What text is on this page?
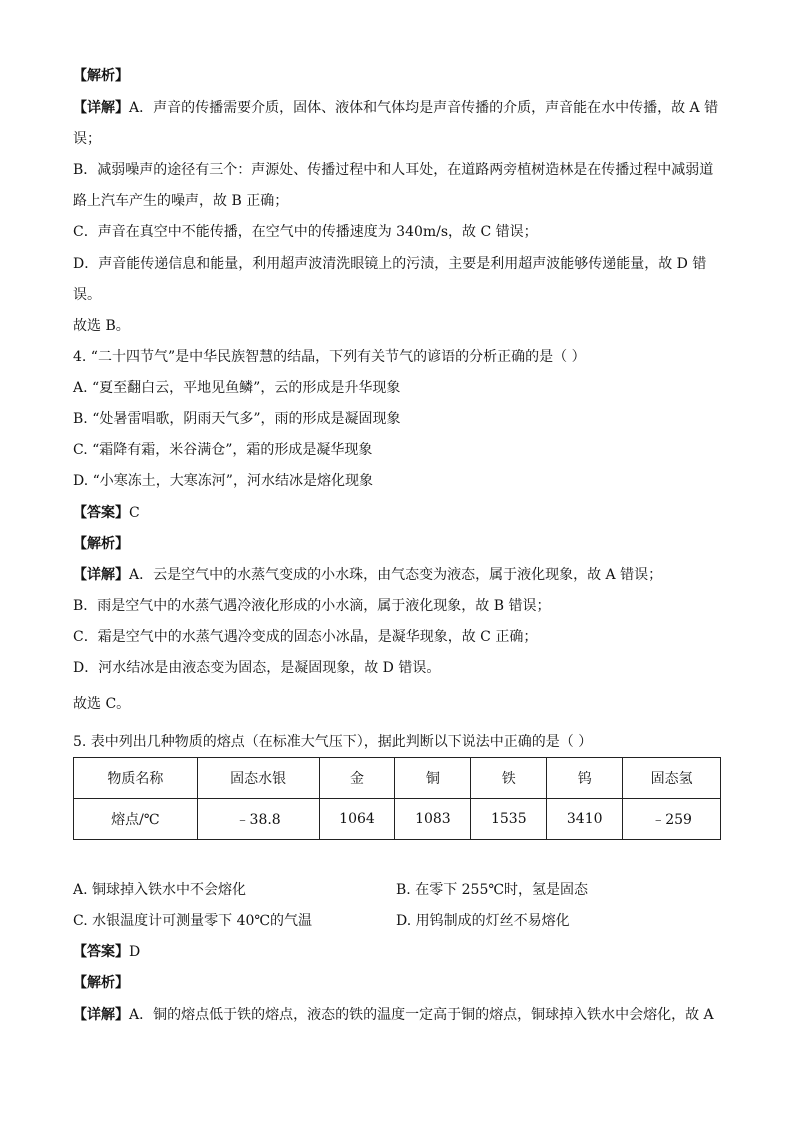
【解析】
【详解】A．声音的传播需要介质，固体、液体和气体均是声音传播的介质，声音能在水中传播，故 A 错
误；
B．减弱噪声的途径有三个：声源处、传播过程中和人耳处，在道路两旁植树造林是在传播过程中减弱道
路上汽车产生的噪声，故 B 正确；
C．声音在真空中不能传播，在空气中的传播速度为 340m/s，故 C 错误；
D．声音能传递信息和能量，利用超声波清洗眼镜上的污渍，主要是利用超声波能够传递能量，故 D 错
误。
故选 B。
4. “二十四节气”是中华民族智慧的结晶，下列有关节气的谚语的分析正确的是（ ）
A. “夏至翻白云，平地见鱼鳞”，云的形成是升华现象
B. “处暑雷唱歌，阴雨天气多”，雨的形成是凝固现象
C. “霜降有霜，米谷满仓”，霜的形成是凝华现象
D. “小寒冻土，大寒冻河”，河水结冰是熔化现象
【答案】C
【解析】
【详解】A．云是空气中的水蒸气变成的小水珠，由气态变为液态，属于液化现象，故 A 错误；
B．雨是空气中的水蒸气遇冷液化形成的小水滴，属于液化现象，故 B 错误；
C．霜是空气中的水蒸气遇冷变成的固态小冰晶，是凝华现象，故 C 正确；
D．河水结冰是由液态变为固态，是凝固现象，故 D 错误。
故选 C。
5. 表中列出几种物质的熔点（在标准大气压下），据此判断以下说法中正确的是（ ）
物质名称	固态水银	金	铜	铁	钨	固态氢
熔点/℃	﹣38.8	1064	1083	1535	3410	﹣259
A. 铜球掉入铁水中不会熔化	B. 在零下 255℃时，氢是固态
C. 水银温度计可测量零下 40℃的气温	D. 用钨制成的灯丝不易熔化
【答案】D
【解析】
【详解】A．铜的熔点低于铁的熔点，液态的铁的温度一定高于铜的熔点，铜球掉入铁水中会熔化，故 A
